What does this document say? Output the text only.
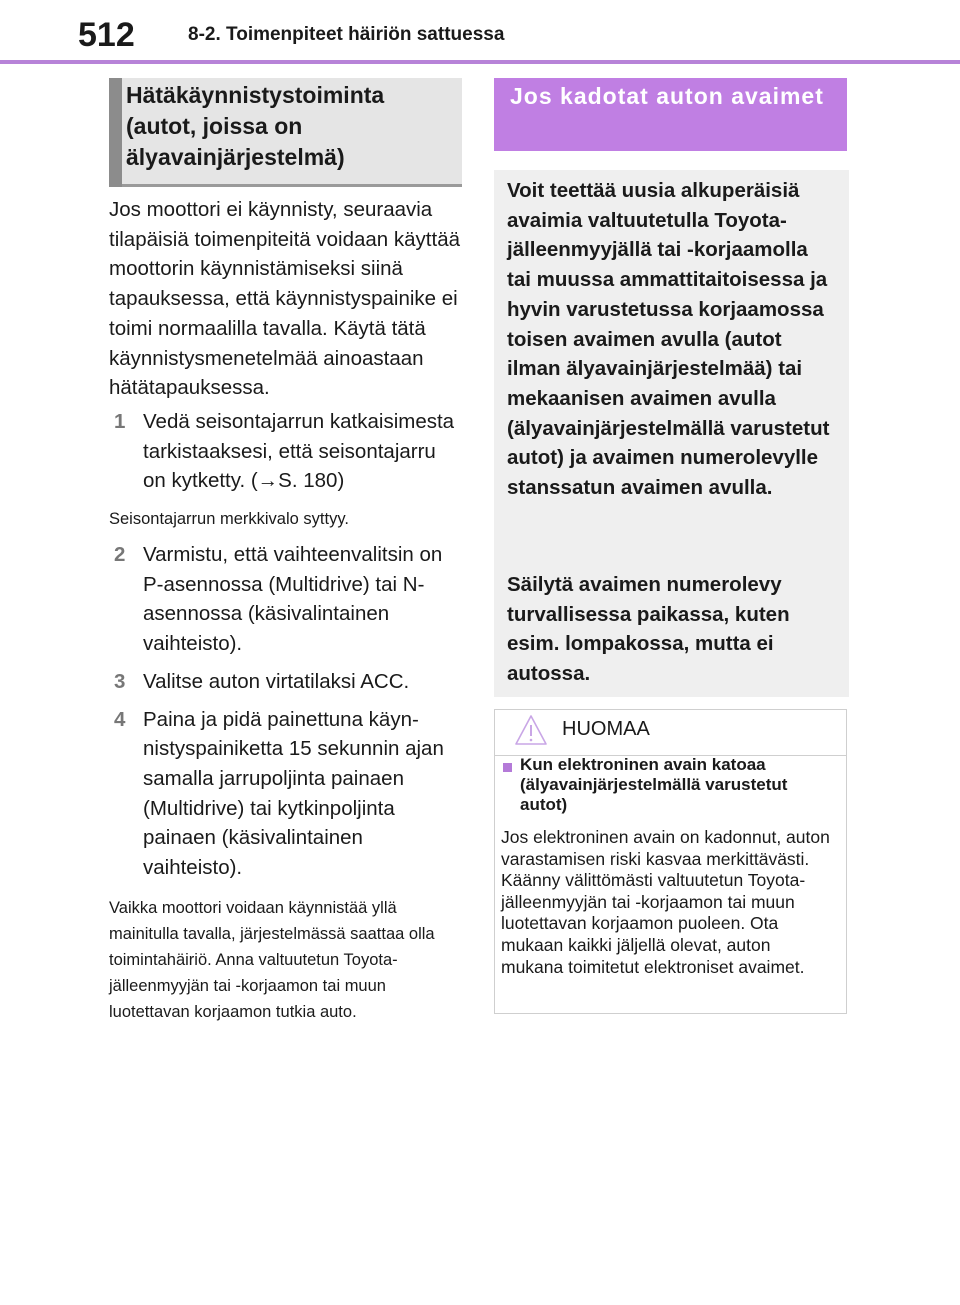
512	8-2. Toimenpiteet häiriön sattuessa
Hätäkäynnistystoiminta (autot, joissa on älyavainjärjestelmä)

Jos moottori ei käynnisty, seuraavia tilapäisiä toimenpiteitä voidaan käyttää moottorin käynnistämiseksi siinä tapauksessa, että käynnistyspainike ei toimi normaalilla tavalla. Käytä tätä käynnistysmenetelmää ainoastaan hätätapauksessa.

1 Vedä seisontajarrun katkaisimesta tarkistaaksesi, että seisontajarru on kytketty. (→S. 180)

Seisontajarrun merkkivalo syttyy.

2 Varmistu, että vaihteenvalitsin on P-asennossa (Multidrive) tai N-asennossa (käsivalintainen vaihteisto).

3 Valitse auton virtatilaksi ACC.

4 Paina ja pidä painettuna käynnistyspainiketta 15 sekunnin ajan samalla jarrupoljinta painaen (Multidrive) tai kytkinpoljinta painaen (käsivalintainen vaihteisto).

Vaikka moottori voidaan käynnistää yllä mainitulla tavalla, järjestelmässä saattaa olla toimintahäiriö. Anna valtuutetun Toyota-jälleenmyyjän tai -korjaamon tai muun luotettavan korjaamon tutkia auto.

Jos kadotat auton avaimet

Voit teettää uusia alkuperäisiä avaimia valtuutetulla Toyota-jälleenmyyjällä tai -korjaamolla tai muussa ammattitaitoisessa ja hyvin varustetussa korjaamossa toisen avaimen avulla (autot ilman älyavainjärjestelmää) tai mekaanisen avaimen avulla (älyavainjärjestelmällä varustetut autot) ja avaimen numerolevylle stanssatun avaimen avulla.

Säilytä avaimen numerolevy turvallisessa paikassa, kuten esim. lompakossa, mutta ei autossa.

HUOMAA
Kun elektroninen avain katoaa (älyavainjärjestelmällä varustetut autot)
Jos elektroninen avain on kadonnut, auton varastamisen riski kasvaa merkittävästi. Käänny välittömästi valtuutetun Toyota-jälleenmyyjän tai -korjaamon tai muun luotettavan korjaamon puoleen. Ota mukaan kaikki jäljellä olevat, auton mukana toimitetut elektroniset avaimet.
